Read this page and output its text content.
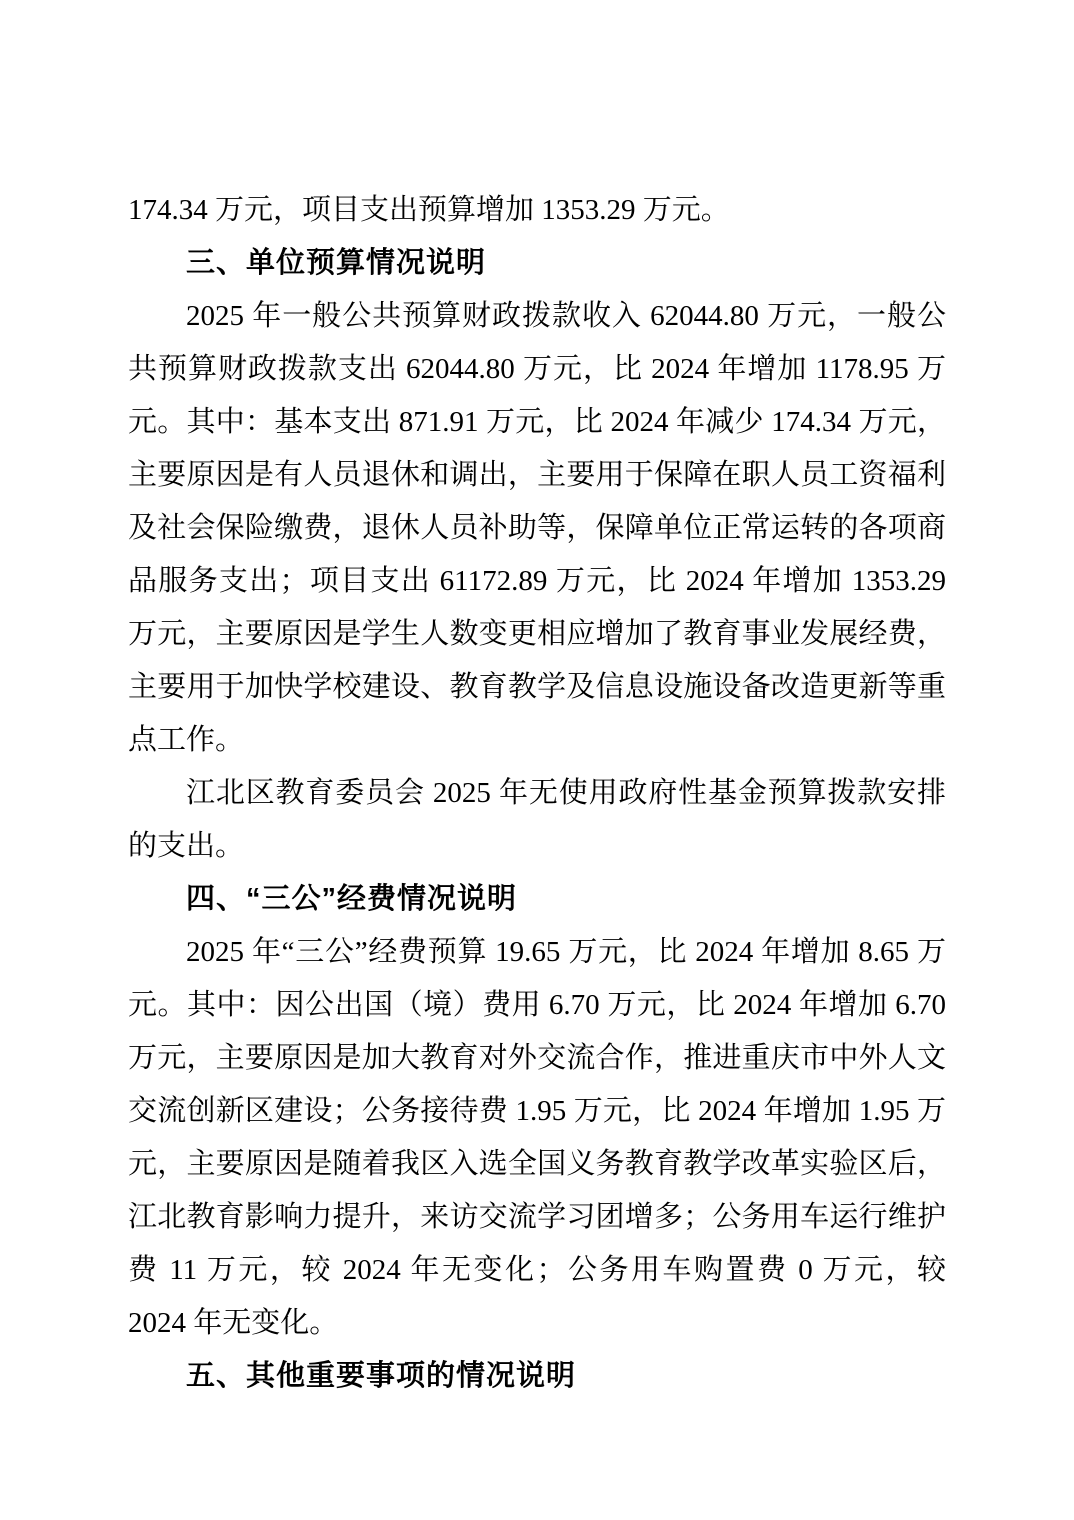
174.34 万元，项目支出预算增加 1353.29 万元。

三、单位预算情况说明

2025 年一般公共预算财政拨款收入 62044.80 万元，一般公共预算财政拨款支出 62044.80 万元，比 2024 年增加 1178.95 万元。其中：基本支出 871.91 万元，比 2024 年减少 174.34 万元，主要原因是有人员退休和调出，主要用于保障在职人员工资福利及社会保险缴费，退休人员补助等，保障单位正常运转的各项商品服务支出；项目支出 61172.89 万元，比 2024 年增加 1353.29 万元，主要原因是学生人数变更相应增加了教育事业发展经费，主要用于加快学校建设、教育教学及信息设施设备改造更新等重点工作。

江北区教育委员会 2025 年无使用政府性基金预算拨款安排的支出。

四、“三公”经费情况说明

2025 年“三公”经费预算 19.65 万元，比 2024 年增加 8.65 万元。其中：因公出国（境）费用 6.70 万元，比 2024 年增加 6.70 万元，主要原因是加大教育对外交流合作，推进重庆市中外人文交流创新区建设；公务接待费 1.95 万元，比 2024 年增加 1.95 万元，主要原因是随着我区入选全国义务教育教学改革实验区后，江北教育影响力提升，来访交流学习团增多；公务用车运行维护费 11 万元，较 2024 年无变化；公务用车购置费 0 万元，较 2024 年无变化。

五、其他重要事项的情况说明
